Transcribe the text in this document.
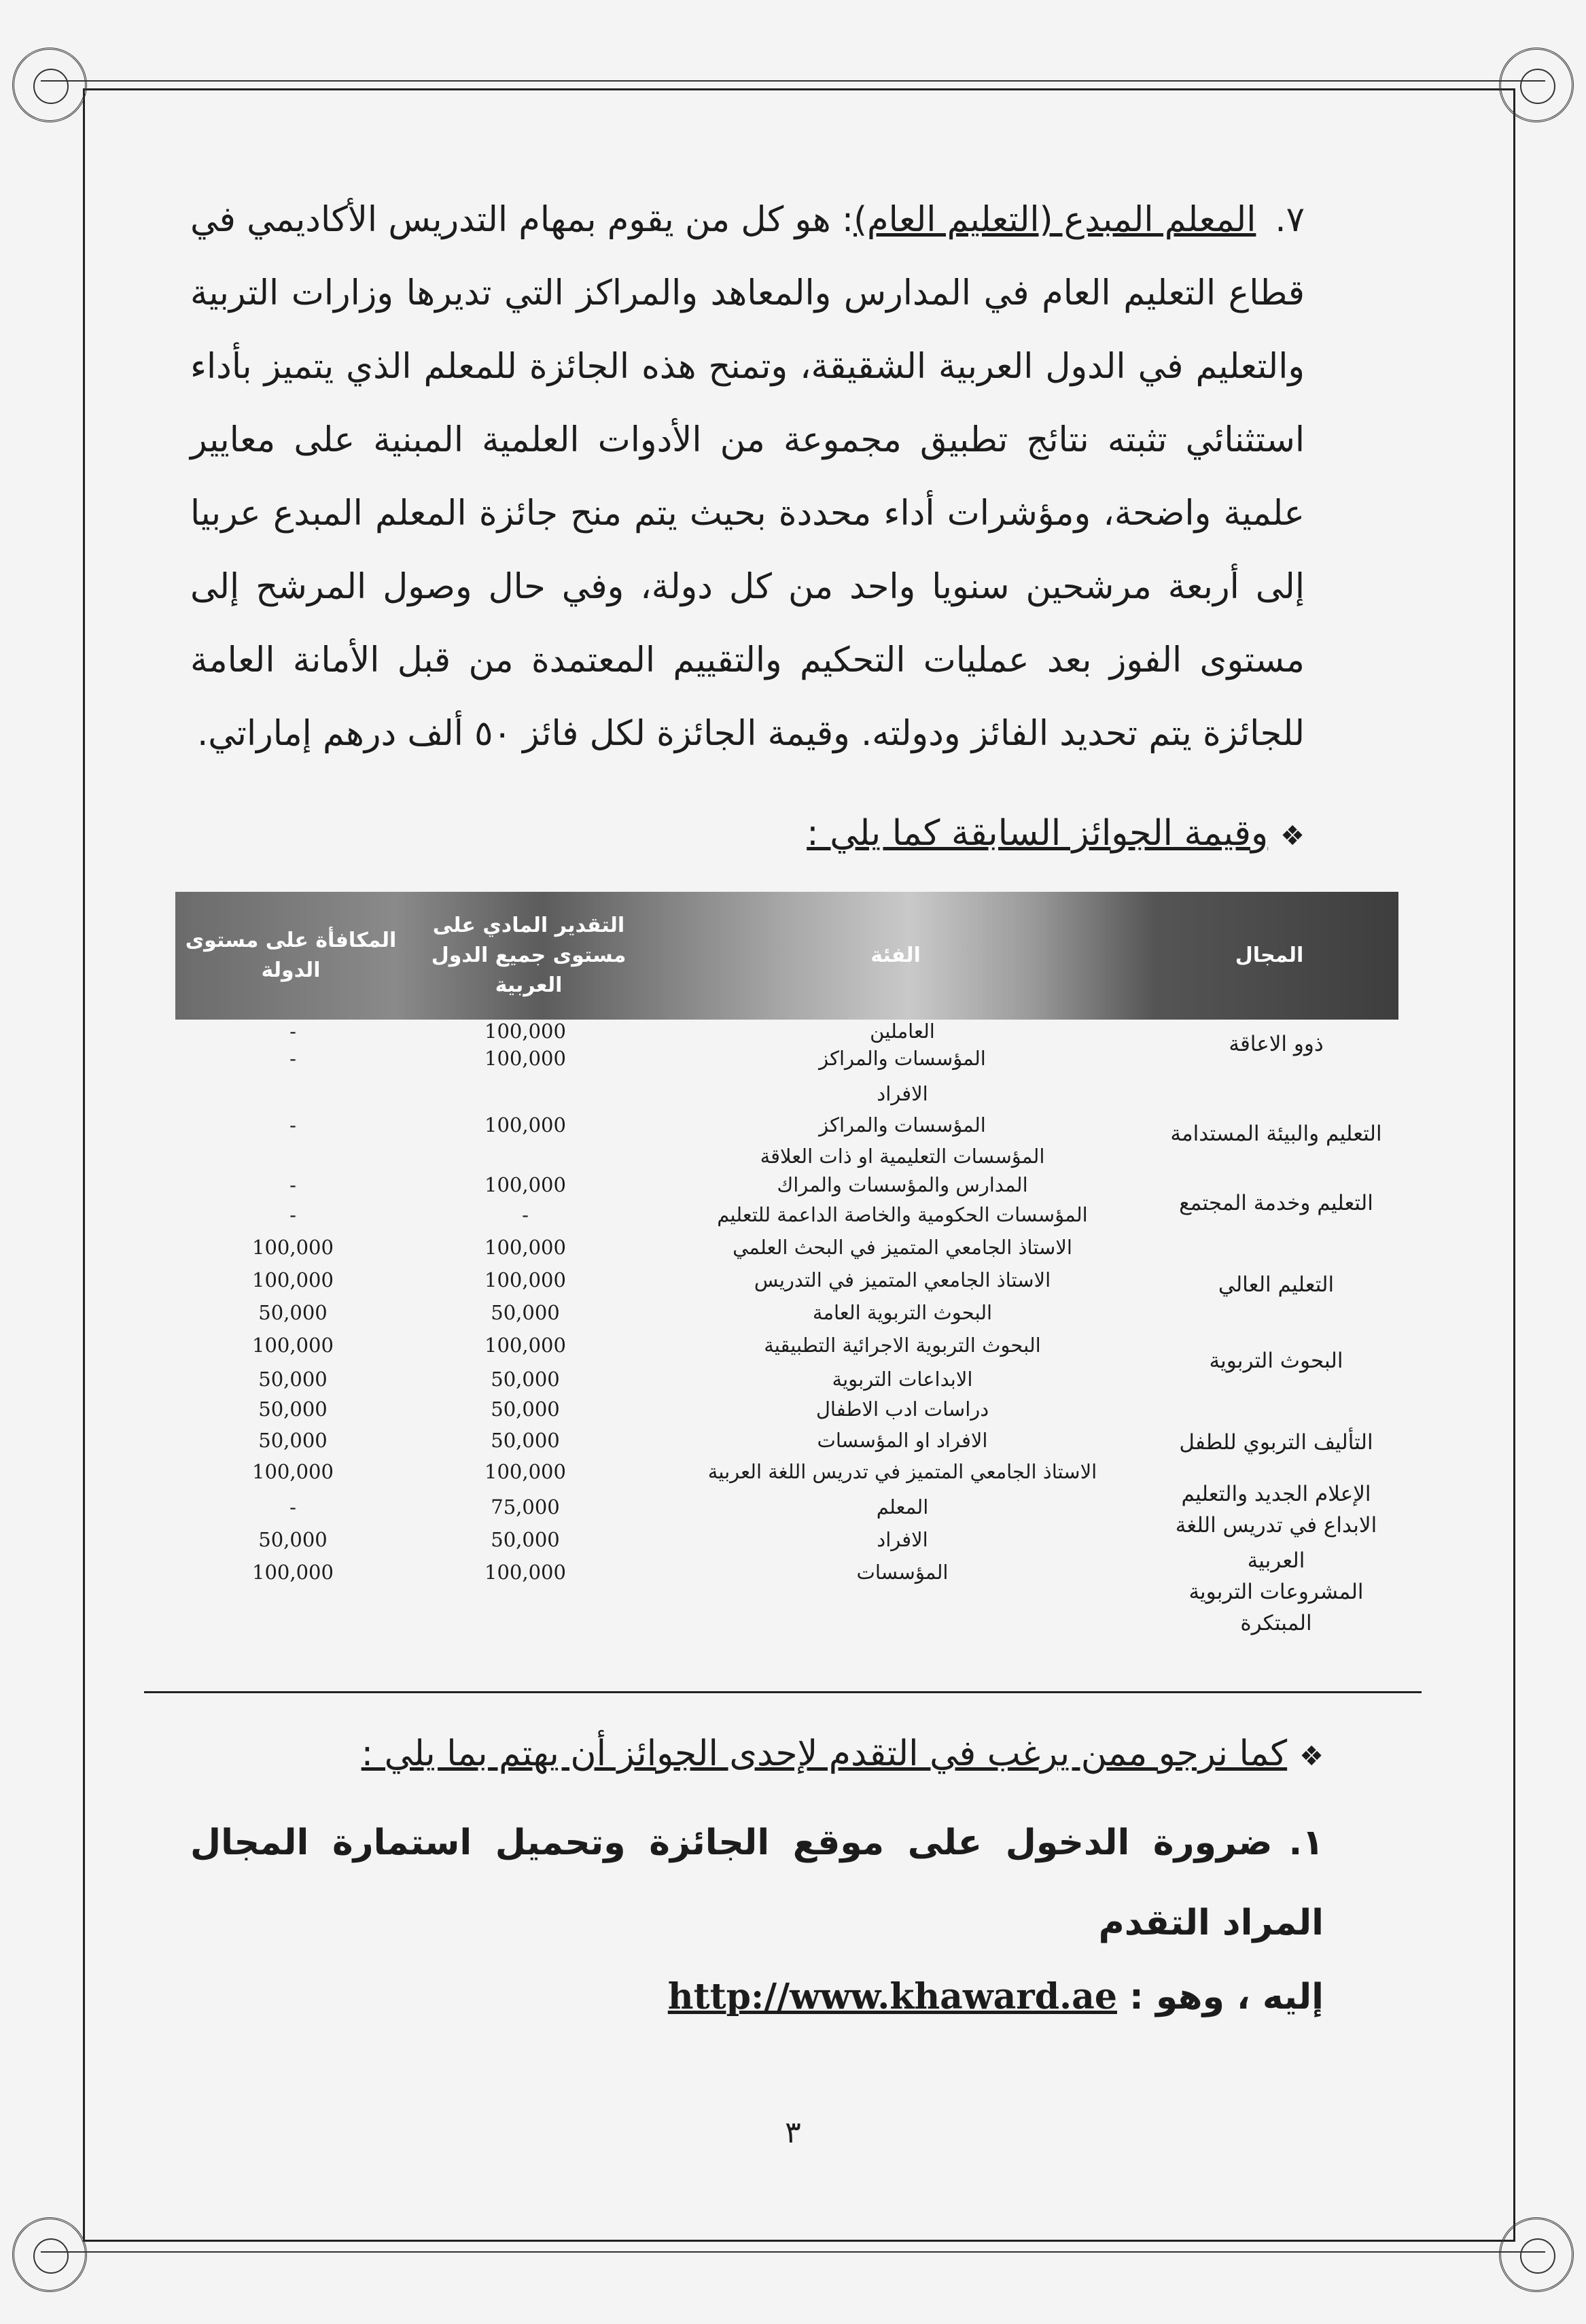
٧.المعلم المبدع (التعليم العام): هو كل من يقوم بمهام التدريس الأكاديمي في قطاع التعليم العام في المدارس والمعاهد والمراكز التي تديرها وزارات التربية والتعليم في الدول العربية الشقيقة، وتمنح هذه الجائزة للمعلم الذي يتميز بأداء استثنائي تثبته نتائج تطبيق مجموعة من الأدوات العلمية المبنية على معايير علمية واضحة، ومؤشرات أداء محددة بحيث يتم منح جائزة المعلم المبدع عربيا إلى أربعة مرشحين سنويا واحد من كل دولة، وفي حال وصول المرشح إلى مستوى الفوز بعد عمليات التحكيم والتقييم المعتمدة من قبل الأمانة العامة للجائزة يتم تحديد الفائز ودولته. وقيمة الجائزة لكل فائز ٥٠ ألف درهم إماراتي.

❖وقيمة الجوائز السابقة كما يلي :
المجال
الفئة
التقدير المادي على مستوى جميع الدول العربية
المكافأة على مستوى الدولة
العاملين
100,000
-
المؤسسات والمراكز
100,000
-
الافراد
المؤسسات والمراكز
100,000
-
المؤسسات التعليمية او ذات العلاقة
المدارس والمؤسسات والمراك
100,000
-
المؤسسات الحكومية والخاصة الداعمة للتعليم
-
-
الاستاذ الجامعي المتميز في البحث العلمي
100,000
100,000
الاستاذ الجامعي المتميز في التدريس
100,000
100,000
البحوث التربوية العامة
50,000
50,000
البحوث التربوية الاجرائية التطبيقية
100,000
100,000
الابداعات التربوية
50,000
50,000
دراسات ادب الاطفال
50,000
50,000
الافراد او المؤسسات
50,000
50,000
الاستاذ الجامعي المتميز في تدريس اللغة العربية
100,000
100,000
المعلم
75,000
-
الافراد
50,000
50,000
المؤسسات
100,000
100,000
ذوو الاعاقة
التعليم والبيئة المستدامة
التعليم وخدمة المجتمع
التعليم العالي
البحوث التربوية
التأليف التربوي للطفل
الإعلام الجديد والتعليم
الابداع في تدريس اللغة
العربية
المشروعات التربوية
المبتكرة
❖كما نرجو ممن يرغب في التقدم لإحدى الجوائز أن يهتم بما يلي :
١.ضرورة الدخول على موقع الجائزة وتحميل استمارة المجال المراد التقدم
إليه ، وهو : http://www.khaward.ae
٣
